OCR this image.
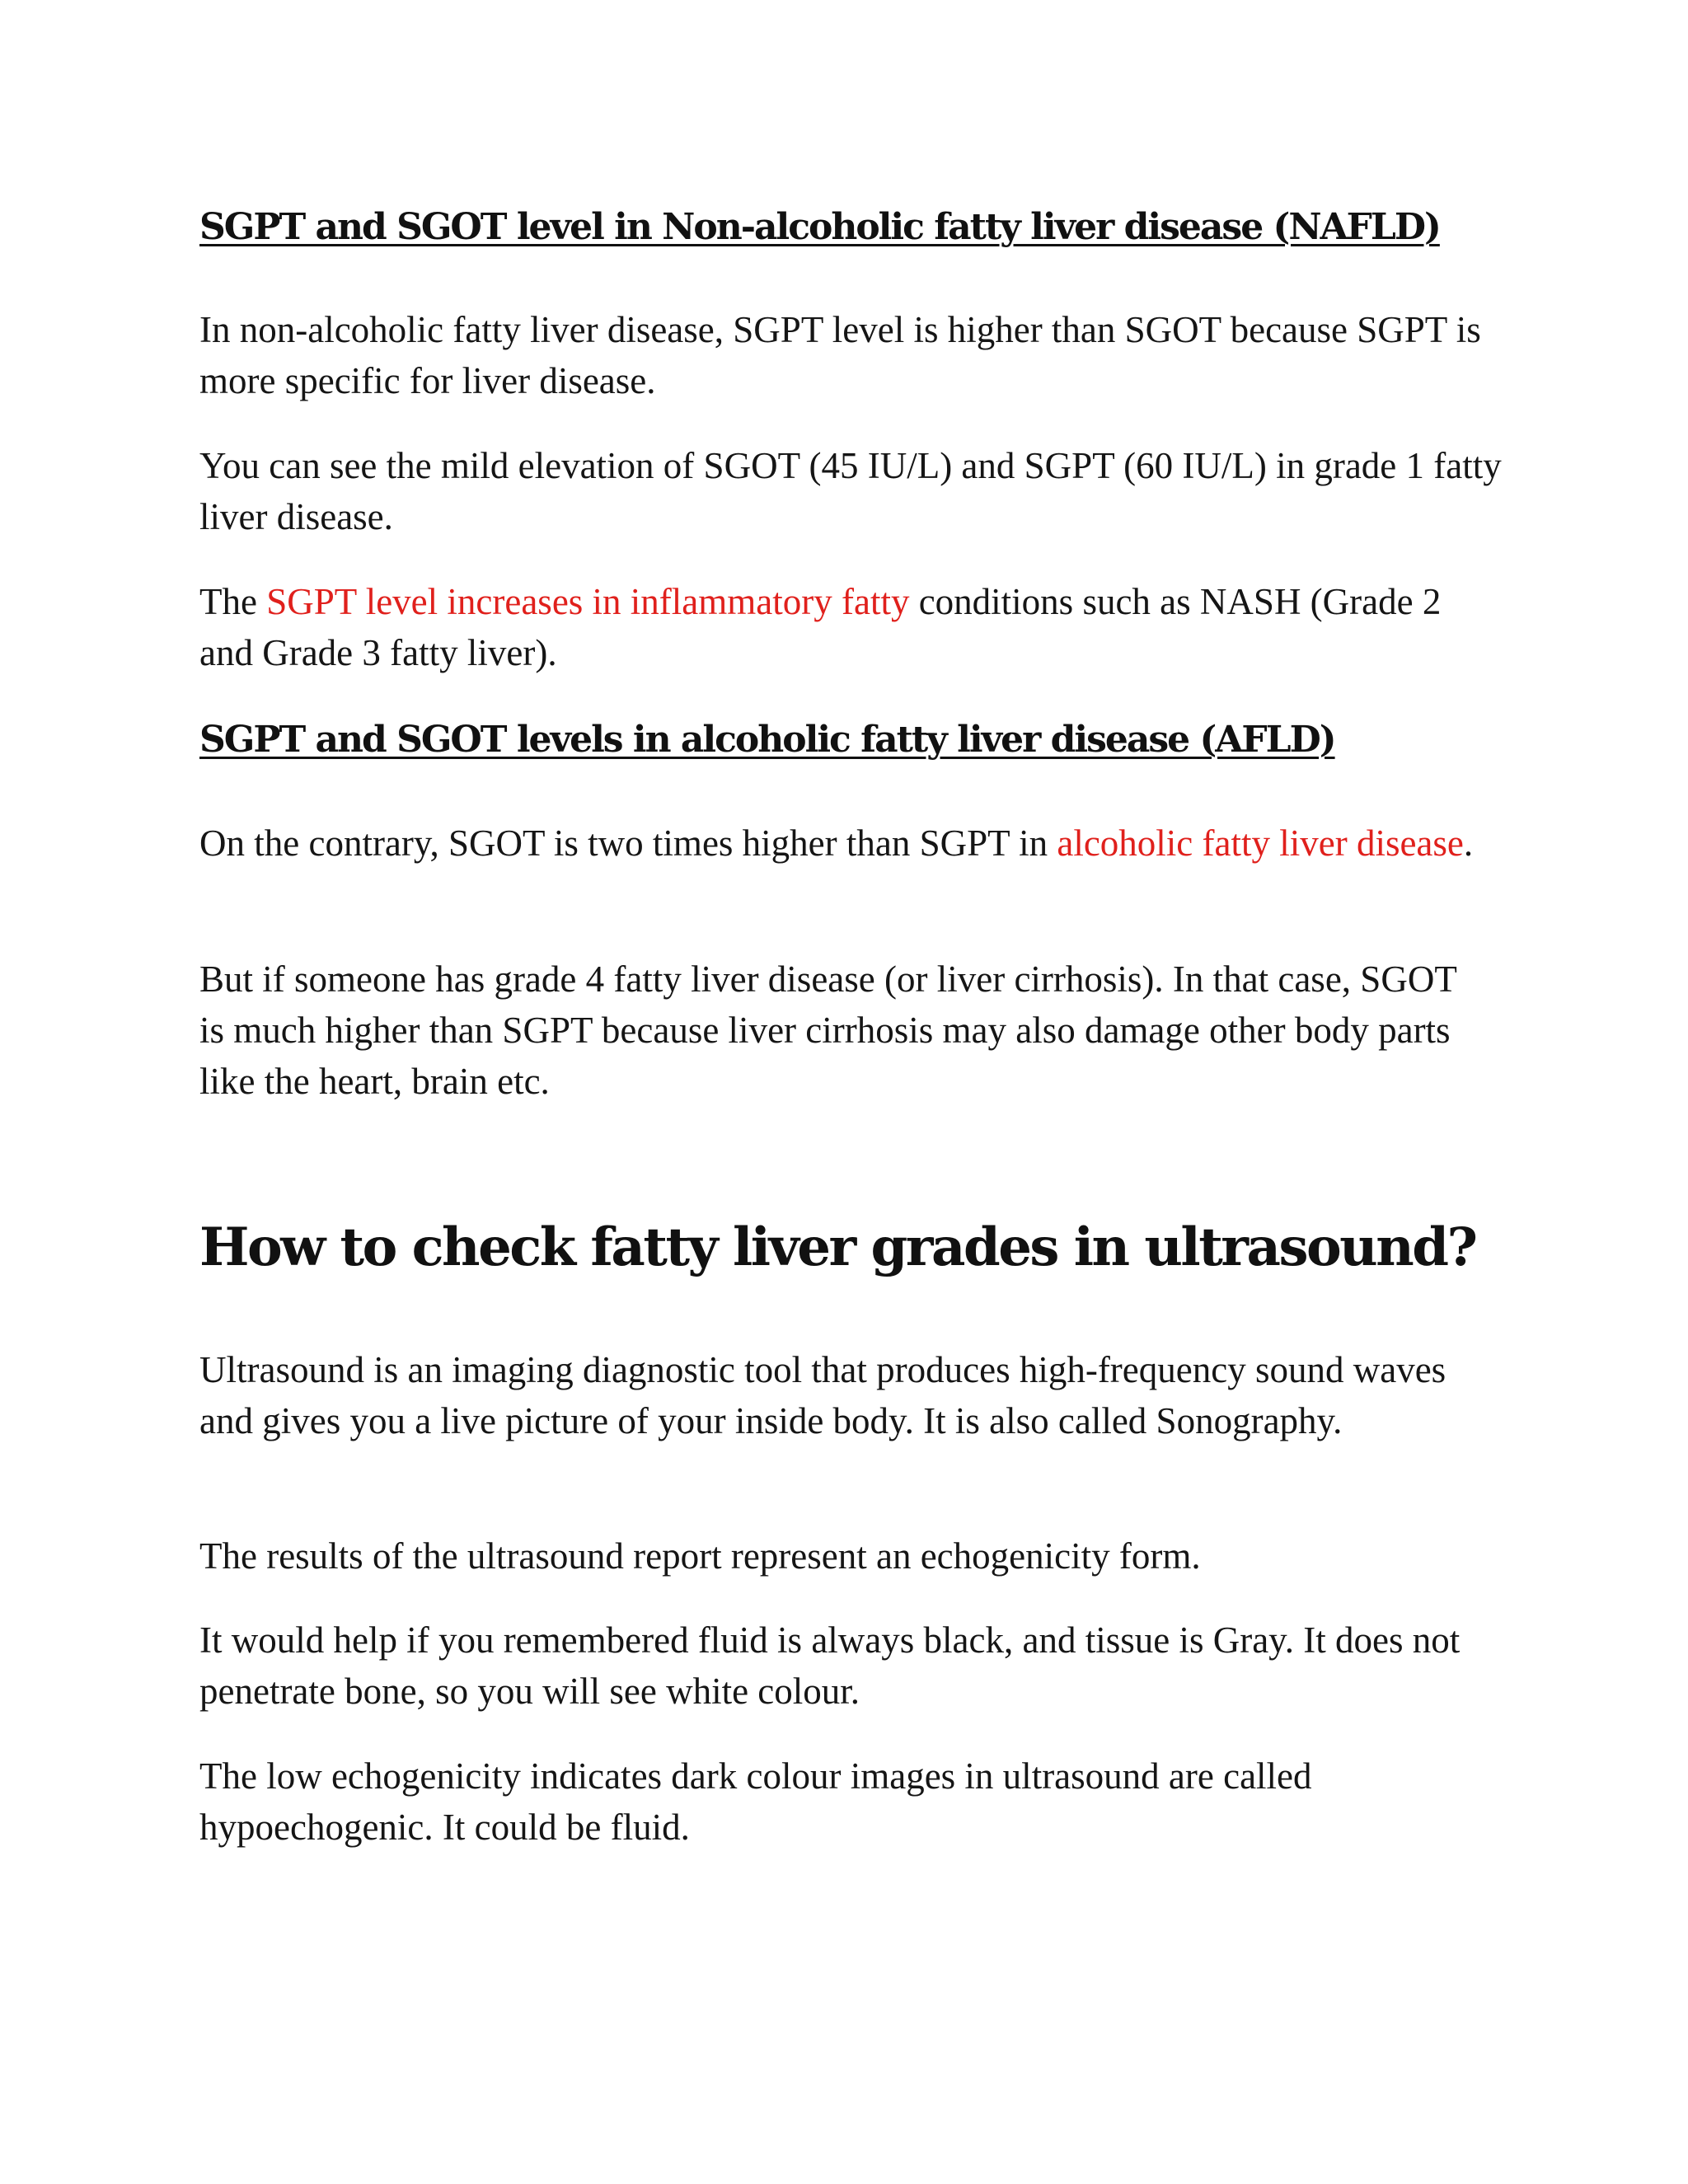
SGPT and SGOT level in Non-alcoholic fatty liver disease (NAFLD)

In non-alcoholic fatty liver disease, SGPT level is higher than SGOT because SGPT is more specific for liver disease.

You can see the mild elevation of SGOT (45 IU/L) and SGPT (60 IU/L) in grade 1 fatty liver disease.

The SGPT level increases in inflammatory fatty conditions such as NASH (Grade 2 and Grade 3 fatty liver).

SGPT and SGOT levels in alcoholic fatty liver disease (AFLD)

On the contrary, SGOT is two times higher than SGPT in alcoholic fatty liver disease.

But if someone has grade 4 fatty liver disease (or liver cirrhosis). In that case, SGOT is much higher than SGPT because liver cirrhosis may also damage other body parts like the heart, brain etc.

How to check fatty liver grades in ultrasound?

Ultrasound is an imaging diagnostic tool that produces high-frequency sound waves and gives you a live picture of your inside body. It is also called Sonography.

The results of the ultrasound report represent an echogenicity form.

It would help if you remembered fluid is always black, and tissue is Gray. It does not penetrate bone, so you will see white colour.

The low echogenicity indicates dark colour images in ultrasound are called hypoechogenic. It could be fluid.
